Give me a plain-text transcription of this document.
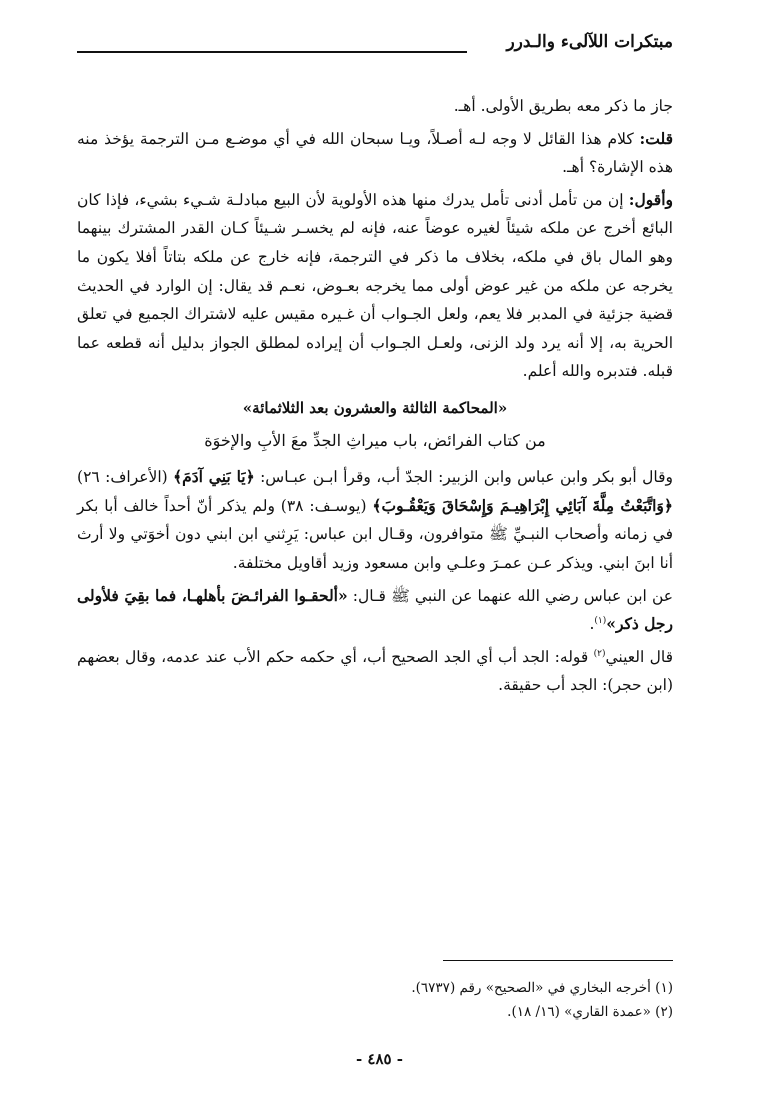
مبتكرات اللآلىء والـدرر

جاز ما ذكر معه بطريق الأولى. أهـ.

قلت: كلام هذا القائل لا وجه لـه أصـلاً، ويـا سبحان الله في أي موضـع مـن الترجمة يؤخذ منه هذه الإشارة؟ أهـ.

وأقول: إن من تأمل أدنى تأمل يدرك منها هذه الأولوية لأن البيع مبادلـة شـيء بشيء، فإذا كان البائع أخرج عن ملكه شيئاً لغيره عوضاً عنه، فإنه لم يخسـر شـيئاً كـان القدر المشترك بينهما وهو المال باق في ملكه، بخلاف ما ذكر في الترجمة، فإنه خارج عن ملكه بتاتاً أفلا يكون ما يخرجه عن ملكه من غير عوض أولى مما يخرجه بعـوض، نعـم قد يقال: إن الوارد في الحديث قضية جزئية في المدبر فلا يعم، ولعل الجـواب أن غـيره مقيس عليه لاشتراك الجميع في تعلق الحرية به، إلا أنه يرد ولد الزنى، ولعـل الجـواب أن إيراده لمطلق الجواز بدليل أنه قطعه عما قبله. فتدبره والله أعلم.

«المحاكمة الثالثة والعشرون بعد الثلاثمائة»
من كتاب الفرائض، باب ميراثِ الجدِّ معَ الأبِ والإخوَة

وقال أبو بكر وابن عباس وابن الزبير: الجدّ أب، وقرأ ابـن عبـاس: ﴿يَا بَنِي آدَمَ﴾ (الأعراف: ٢٦) ﴿وَاتَّبَعْتُ مِلَّةَ آبَائِي إِبْرَاهِيـمَ وَإِسْحَاقَ وَيَعْقُـوبَ﴾ (يوسـف: ٣٨) ولم يذكر أنّ أحداً خالف أبا بكر في زمانه وأصحاب النبـيِّ ﷺ متوافرون، وقـال ابن عباس: يَرِثني ابن ابني دون أخوَتي ولا أرث أنا ابنَ ابني. ويذكر عـن عمـرَ وعلـي وابن مسعود وزيد أقاويل مختلفة.

عن ابن عباس رضي الله عنهما عن النبي ﷺ قـال: «ألحقـوا الفرائـضَ بأهلهـا، فما بقِيَ فلأولى رجل ذكر»$^{(١)}$.

قال العيني$^{(٢)}$ قوله: الجد أب أي الجد الصحيح أب، أي حكمه حكم الأب عند عدمه، وقال بعضهم (ابن حجر): الجد أب حقيقة.

(١) أخرجه البخاري في «الصحيح» رقم (٦٧٣٧).
(٢) «عمدة القاري» (١٦/ ١٨).
- ٤٨٥ -
